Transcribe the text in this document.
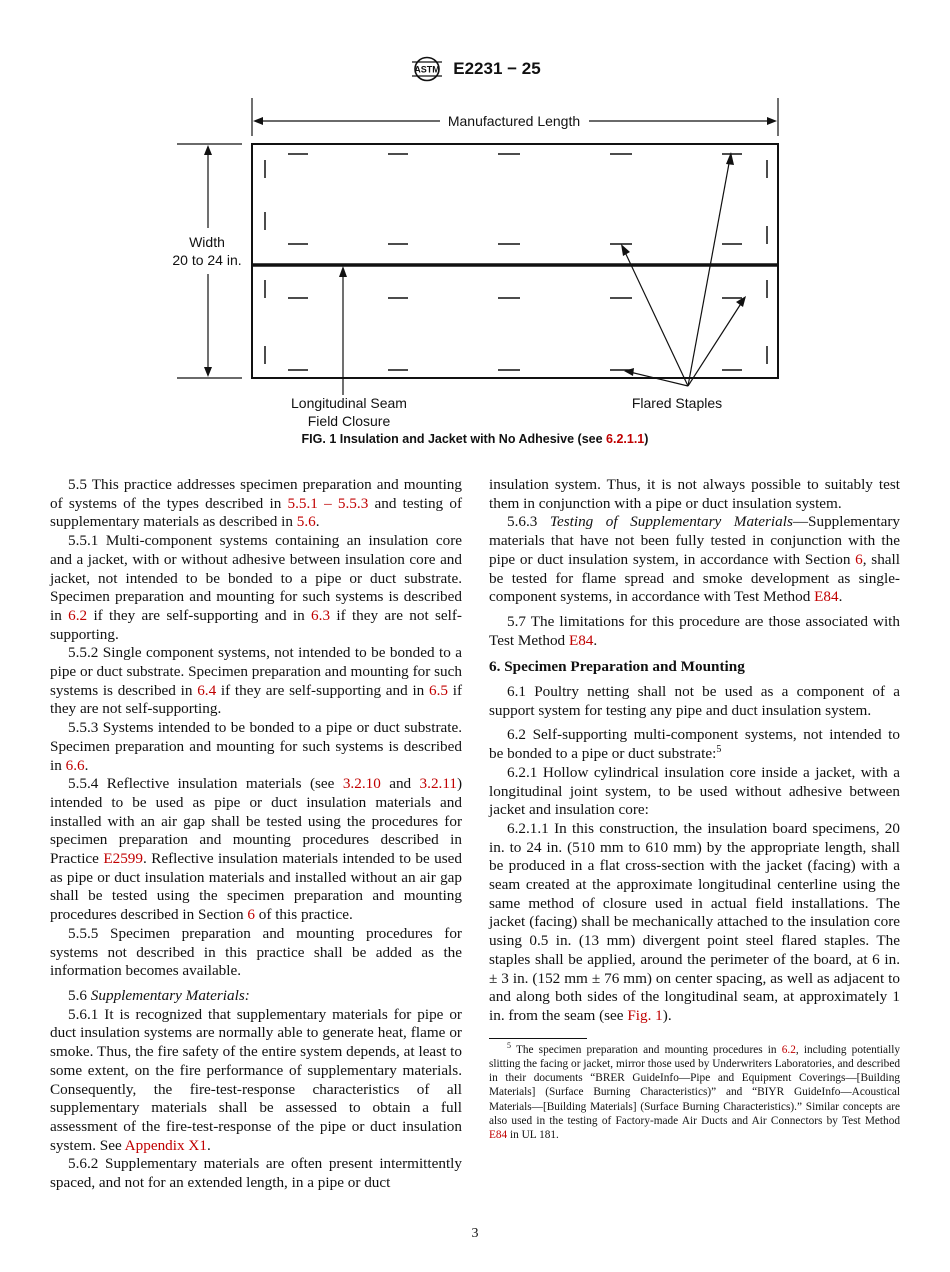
ASTM E2231 − 25
Manufactured Length
Width
20 to 24 in.
Longitudinal Seam
Field Closure
Flared Staples
FIG. 1 Insulation and Jacket with No Adhesive (see 6.2.1.1)

5.5 This practice addresses specimen preparation and mounting of systems of the types described in 5.5.1 – 5.5.3 and testing of supplementary materials as described in 5.6.

5.5.1 Multi-component systems containing an insulation core and a jacket, with or without adhesive between insulation core and jacket, not intended to be bonded to a pipe or duct substrate. Specimen preparation and mounting for such systems is described in 6.2 if they are self-supporting and in 6.3 if they are not self-supporting.

5.5.2 Single component systems, not intended to be bonded to a pipe or duct substrate. Specimen preparation and mounting for such systems is described in 6.4 if they are self-supporting and in 6.5 if they are not self-supporting.

5.5.3 Systems intended to be bonded to a pipe or duct substrate. Specimen preparation and mounting for such systems is described in 6.6.

5.5.4 Reflective insulation materials (see 3.2.10 and 3.2.11) intended to be used as pipe or duct insulation materials and installed with an air gap shall be tested using the procedures for specimen preparation and mounting procedures described in Practice E2599. Reflective insulation materials intended to be used as pipe or duct insulation materials and installed without an air gap shall be tested using the specimen preparation and mounting procedures described in Section 6 of this practice.

5.5.5 Specimen preparation and mounting procedures for systems not described in this practice shall be added as the information becomes available.

5.6 Supplementary Materials:

5.6.1 It is recognized that supplementary materials for pipe or duct insulation systems are normally able to generate heat, flame or smoke. Thus, the fire safety of the entire system depends, at least to some extent, on the fire performance of supplementary materials. Consequently, the fire-test-response characteristics of all supplementary materials shall be assessed to obtain a full assessment of the fire-test-response of the pipe or duct insulation system. See Appendix X1.

5.6.2 Supplementary materials are often present intermittently spaced, and not for an extended length, in a pipe or duct

insulation system. Thus, it is not always possible to suitably test them in conjunction with a pipe or duct insulation system.

5.6.3 Testing of Supplementary Materials—Supplementary materials that have not been fully tested in conjunction with the pipe or duct insulation system, in accordance with Section 6, shall be tested for flame spread and smoke development as single-component systems, in accordance with Test Method E84.

5.7 The limitations for this procedure are those associated with Test Method E84.

6. Specimen Preparation and Mounting

6.1 Poultry netting shall not be used as a component of a support system for testing any pipe and duct insulation system.

6.2 Self-supporting multi-component systems, not intended to be bonded to a pipe or duct substrate:$^5$

6.2.1 Hollow cylindrical insulation core inside a jacket, with a longitudinal joint system, to be used without adhesive between jacket and insulation core:

6.2.1.1 In this construction, the insulation board specimens, 20 in. to 24 in. (510 mm to 610 mm) by the appropriate length, shall be produced in a flat cross-section with the jacket (facing) with a seam created at the approximate longitudinal centerline using the same method of closure used in actual field installations. The jacket (facing) shall be mechanically attached to the insulation core using 0.5 in. (13 mm) divergent point steel flared staples. The staples shall be applied, around the perimeter of the board, at 6 in. ± 3 in. (152 mm ± 76 mm) on center spacing, as well as adjacent to and along both sides of the longitudinal seam, at approximately 1 in. from the seam (see Fig. 1).

$^5$ The specimen preparation and mounting procedures in 6.2, including potentially slitting the facing or jacket, mirror those used by Underwriters Laboratories, and described in their documents “BRER GuideInfo—Pipe and Equipment Coverings—[Building Materials] (Surface Burning Characteristics)” and “BIYR GuideInfo—Acoustical Materials—[Building Materials] (Surface Burning Characteristics).” Similar concepts are also used in the testing of Factory-made Air Ducts and Air Connectors by Test Method E84 in UL 181.

3
